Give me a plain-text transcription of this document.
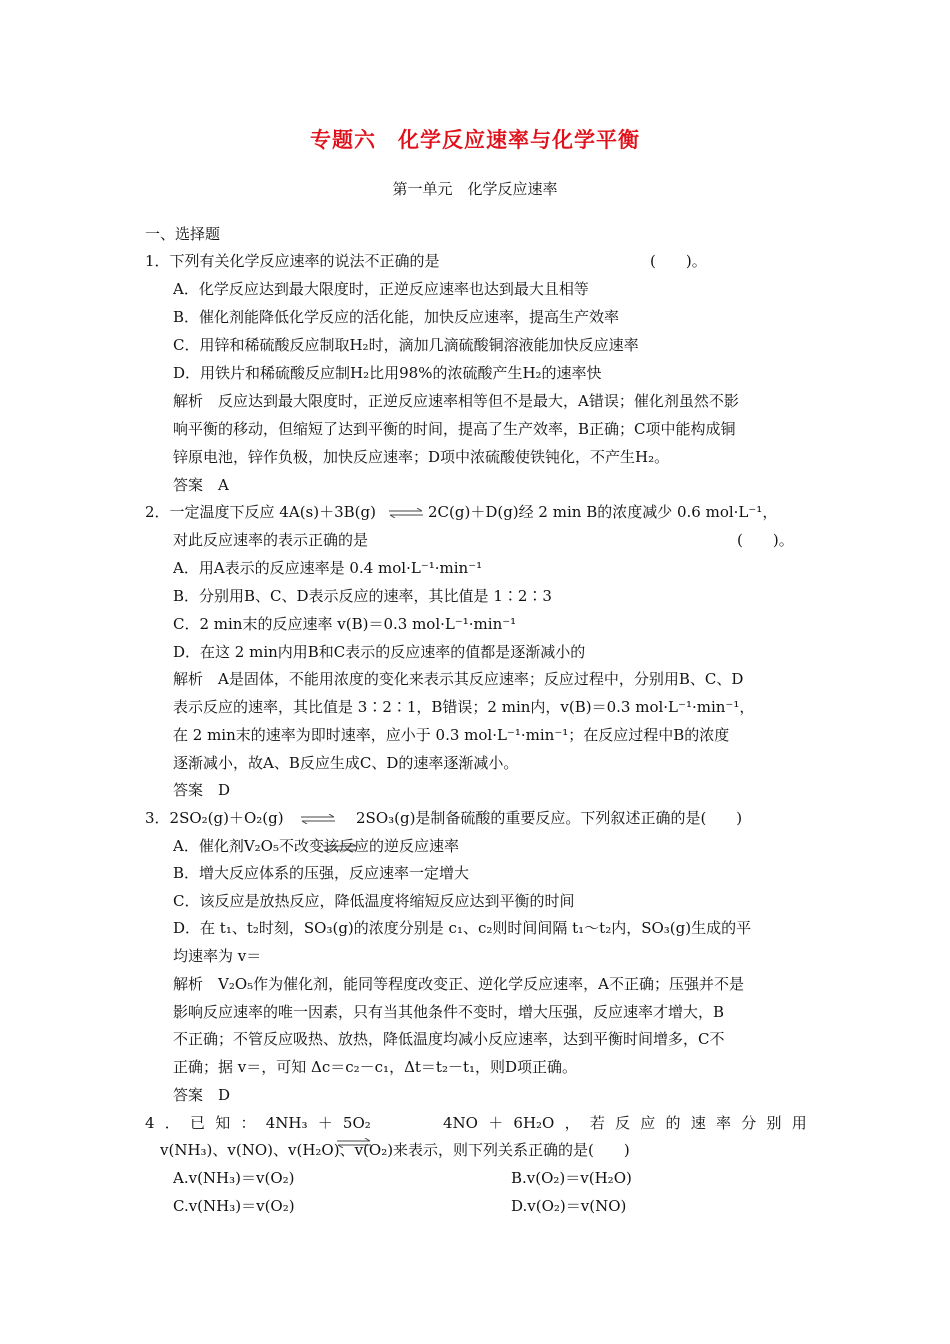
专题六　化学反应速率与化学平衡
第一单元　化学反应速率
一、选择题
1．下列有关化学反应速率的说法不正确的是	(　　)。
A．化学反应达到最大限度时，正逆反应速率也达到最大且相等
B．催化剂能降低化学反应的活化能，加快反应速率，提高生产效率
C．用锌和稀硫酸反应制取H₂时，滴加几滴硫酸铜溶液能加快反应速率
D．用铁片和稀硫酸反应制H₂比用98%的浓硫酸产生H₂的速率快
解析　反应达到最大限度时，正逆反应速率相等但不是最大，A错误；催化剂虽然不影
响平衡的移动，但缩短了达到平衡的时间，提高了生产效率，B正确；C项中能构成铜
锌原电池，锌作负极，加快反应速率；D项中浓硫酸使铁钝化，不产生H₂。
答案　A
2．一定温度下反应 4A(s)＋3B(g) ⇌ 2C(g)＋D(g)经 2 min B的浓度减少 0.6 mol·L⁻¹，
对此反应速率的表示正确的是	(　　)。
A．用A表示的反应速率是 0.4 mol·L⁻¹·min⁻¹
B．分别用B、C、D表示反应的速率，其比值是 1∶2∶3
C．2 min末的反应速率 v(B)＝0.3 mol·L⁻¹·min⁻¹
D．在这 2 min内用B和C表示的反应速率的值都是逐渐减小的
解析　A是固体，不能用浓度的变化来表示其反应速率；反应过程中，分别用B、C、D
表示反应的速率，其比值是 3∶2∶1，B错误；2 min内，v(B)＝0.3 mol·L⁻¹·min⁻¹，
在 2 min末的速率为即时速率，应小于 0.3 mol·L⁻¹·min⁻¹；在反应过程中B的浓度
逐渐减小，故A、B反应生成C、D的速率逐渐减小。
答案　D
3．2SO₂(g)＋O₂(g) ⇌ 2SO₃(g)是制备硫酸的重要反应。下列叙述正确的是(　　)
A．催化剂V₂O₅不改变该反应的逆反应速率
B．增大反应体系的压强，反应速率一定增大
C．该反应是放热反应，降低温度将缩短反应达到平衡的时间
D．在 t₁、t₂时刻，SO₃(g)的浓度分别是 c₁、c₂则时间间隔 t₁～t₂内，SO₃(g)生成的平
均速率为 v＝
解析　V₂O₅作为催化剂，能同等程度改变正、逆化学反应速率，A不正确；压强并不是
影响反应速率的唯一因素，只有当其他条件不变时，增大压强，反应速率才增大，B
不正确；不管反应吸热、放热，降低温度均减小反应速率，达到平衡时间增多，C不
正确；据 v＝，可知 Δc＝c₂－c₁，Δt＝t₂－t₁，则D项正确。
答案　D
4 ． 已 知 ： 4NH₃ ＋ 5O₂	4NO ＋ 6H₂O ， 若 反 应 的 速 率 分 别 用
v(NH₃)、v(NO)、v(H₂O)、v(O₂)来表示，则下列关系正确的是(　　)
A.v(NH₃)＝v(O₂)	B.v(O₂)＝v(H₂O)
C.v(NH₃)＝v(O₂)	D.v(O₂)＝v(NO)
